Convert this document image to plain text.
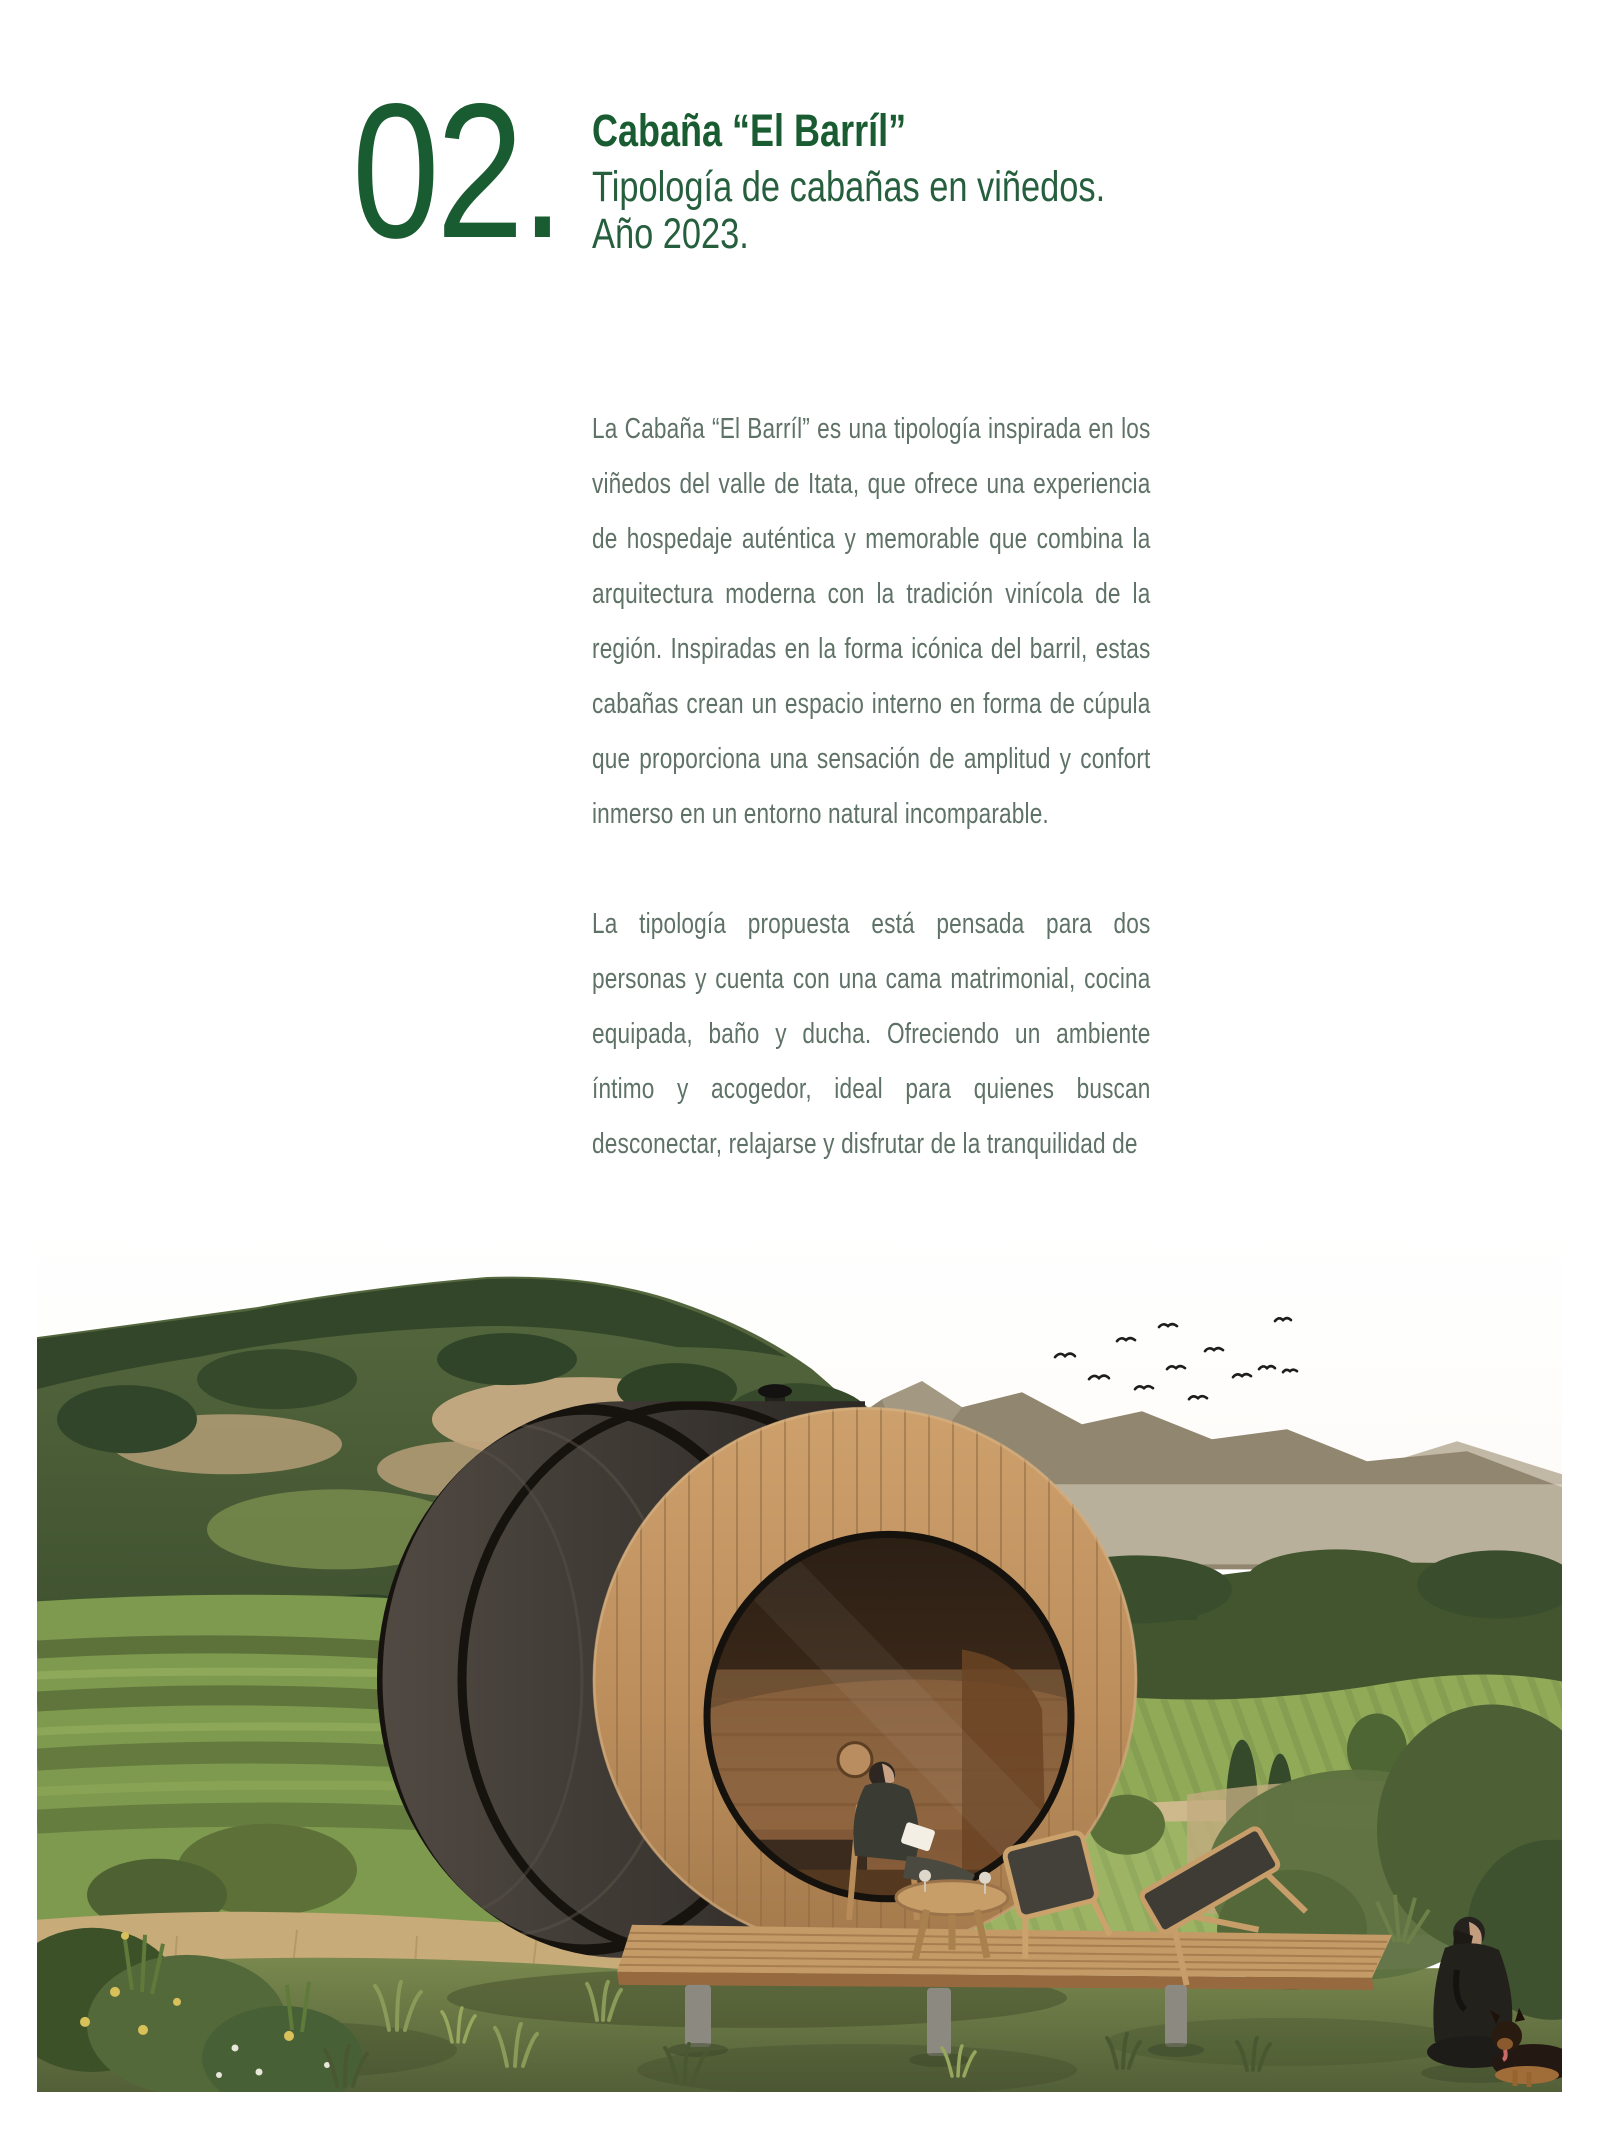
02. Cabaña “El Barríl”

Tipología de cabañas en viñedos.

Año 2023.

La Cabaña “El Barríl” es una tipología inspirada en los viñedos del valle de Itata, que ofrece una experiencia de hospedaje auténtica y memorable que combina la arquitectura moderna con la tradición vinícola de la región. Inspiradas en la forma icónica del barril, estas cabañas crean un espacio interno en forma de cúpula que proporciona una sensación de amplitud y confort inmerso en un entorno natural incomparable.

La tipología propuesta está pensada para dos personas y cuenta con una cama matrimonial, cocina equipada, baño y ducha. Ofreciendo un ambiente íntimo y acogedor, ideal para quienes buscan desconectar, relajarse y disfrutar de la tranquilidad de
